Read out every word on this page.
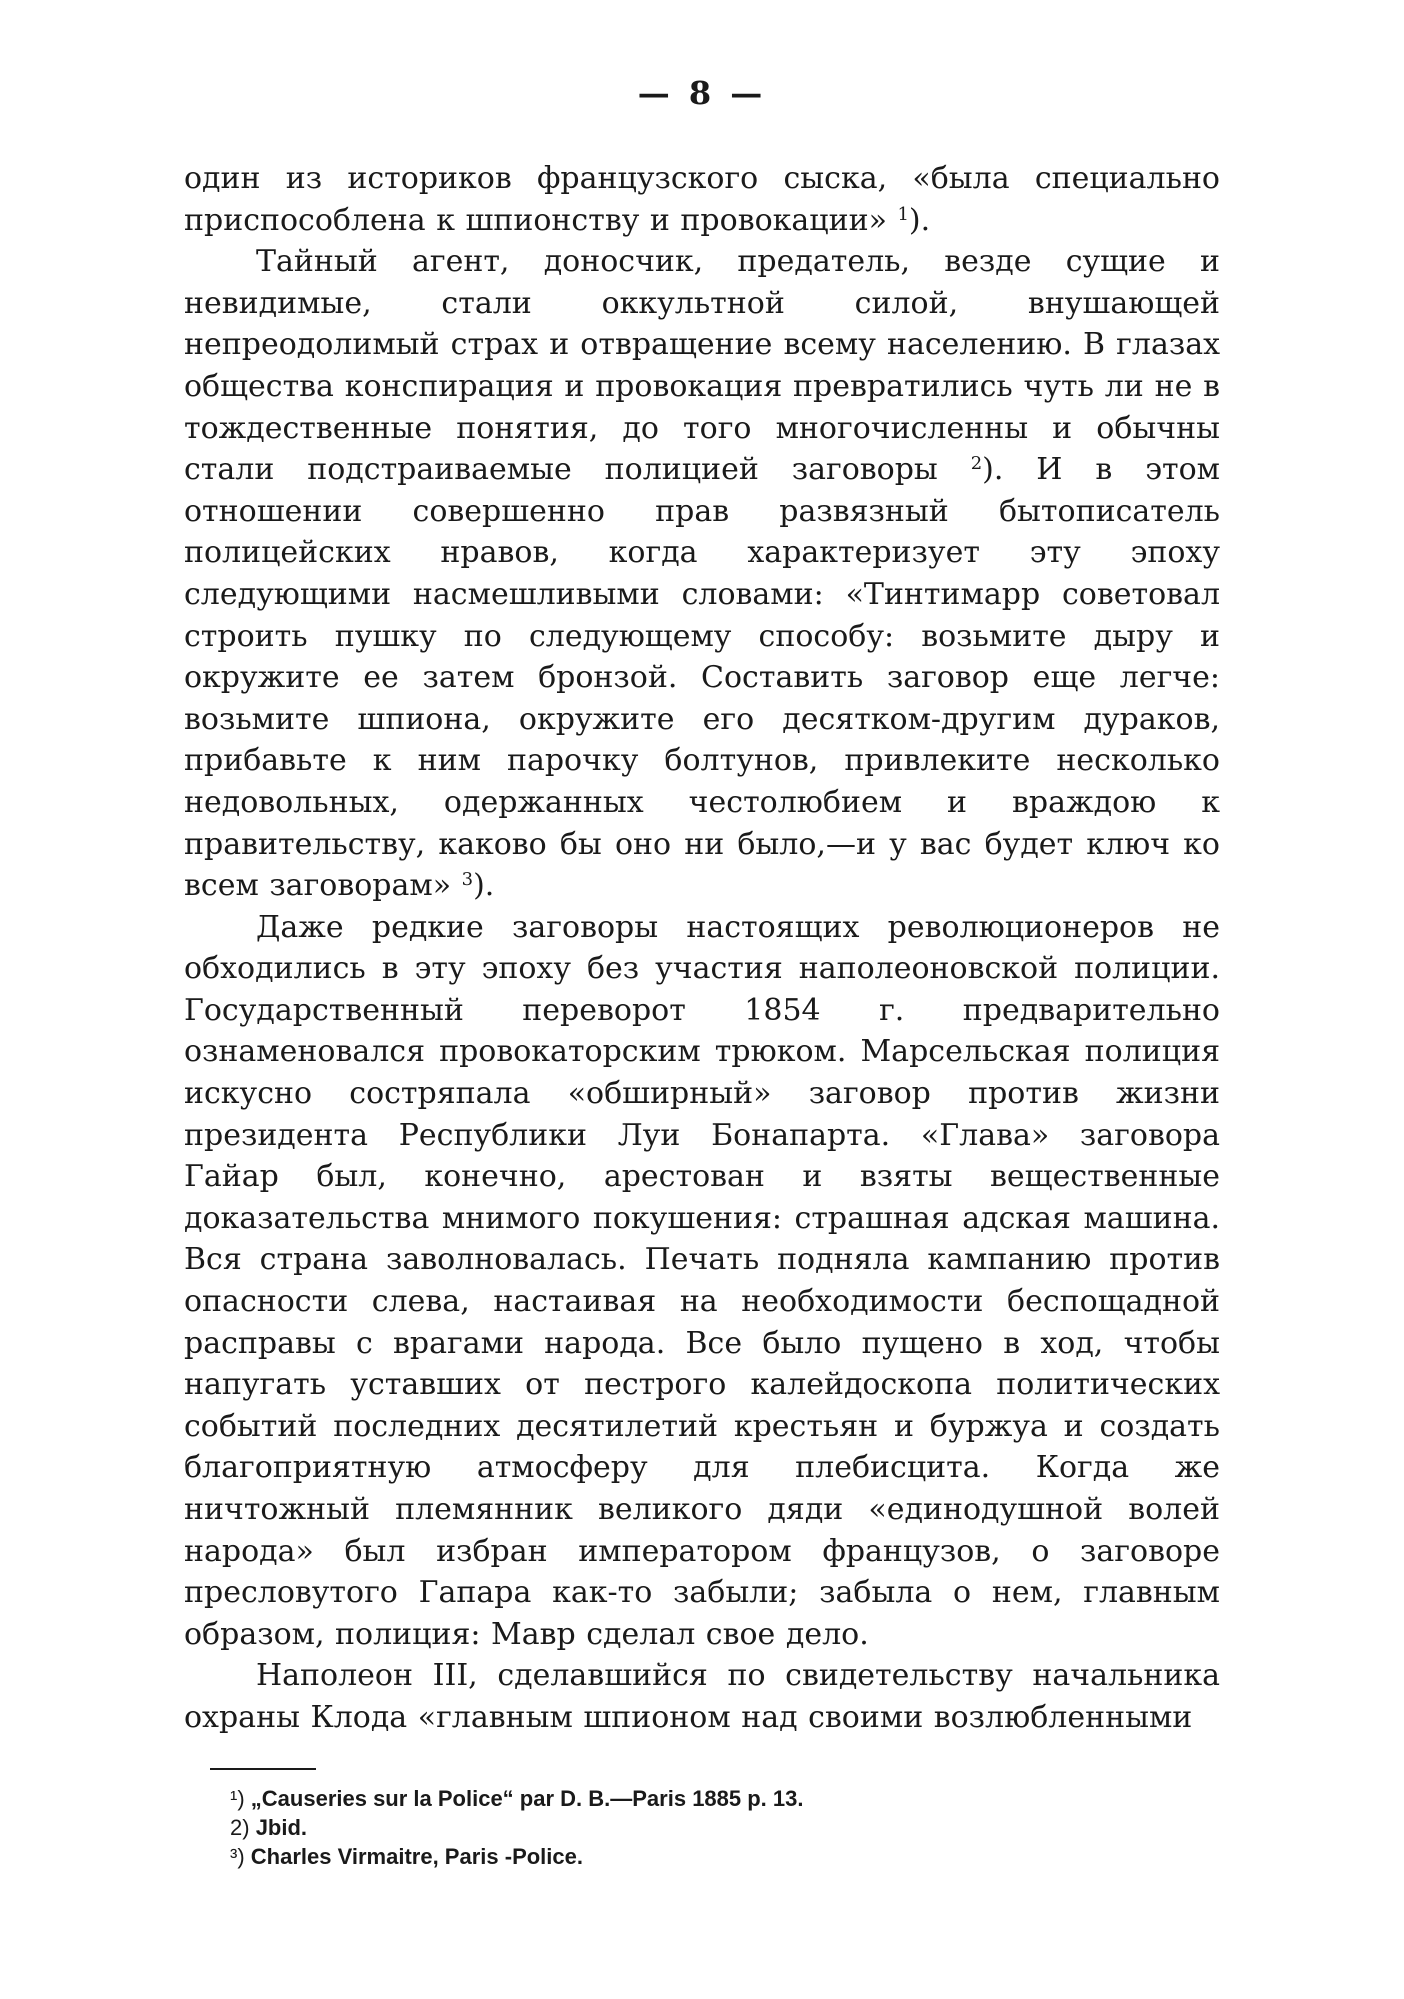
— 8 —

один из историков французского сыска, «была специально приспособлена к шпионству и провокации» $^1$).

Тайный агент, доносчик, предатель, везде сущие и невидимые, стали оккультной силой, внушающей непреодолимый страх и отвращение всему населению. В глазах общества конспирация и провокация превратились чуть ли не в тождественные понятия, до того многочисленны и обычны стали подстраиваемые полицией заговоры $^2$). И в этом отношении совершенно прав развязный бытописатель полицейских нравов, когда характеризует эту эпоху следующими насмешливыми словами: «Тинтимарр советовал строить пушку по следующему способу: возьмите дыру и окружите ее затем бронзой. Составить заговор еще легче: возьмите шпиона, окружите его десятком-другим дураков, прибавьте к ним парочку болтунов, привлеките несколько недовольных, одержанных честолюбием и враждою к правительству, каково бы оно ни было,—и у вас будет ключ ко всем заговорам» $^3$).

Даже редкие заговоры настоящих революционеров не обходились в эту эпоху без участия наполеоновской полиции. Государственный переворот 1854 г. предварительно ознаменовался провокаторским трюком. Марсельская полиция искусно состряпала «обширный» заговор против жизни президента Республики Луи Бонапарта. «Глава» заговора Гайар был, конечно, арестован и взяты вещественные доказательства мнимого покушения: страшная адская машина. Вся страна заволновалась. Печать подняла кампанию против опасности слева, настаивая на необходимости беспощадной расправы с врагами народа. Все было пущено в ход, чтобы напугать уставших от пестрого калейдоскопа политических событий последних десятилетий крестьян и буржуа и создать благоприятную атмосферу для плебисцита. Когда же ничтожный племянник великого дяди «единодушной волей народа» был избран императором французов, о заговоре пресловутого Гапара как-то забыли; забыла о нем, главным образом, полиция: Мавр сделал свое дело.

Наполеон III, сделавшийся по свидетельству начальника охраны Клода «главным шпионом над своими возлюбленными

¹) „Causeries sur la Police“ par D. B.—Paris 1885 p. 13.
2) Jbid.
³) Charles Virmaitre, Paris -Police.
